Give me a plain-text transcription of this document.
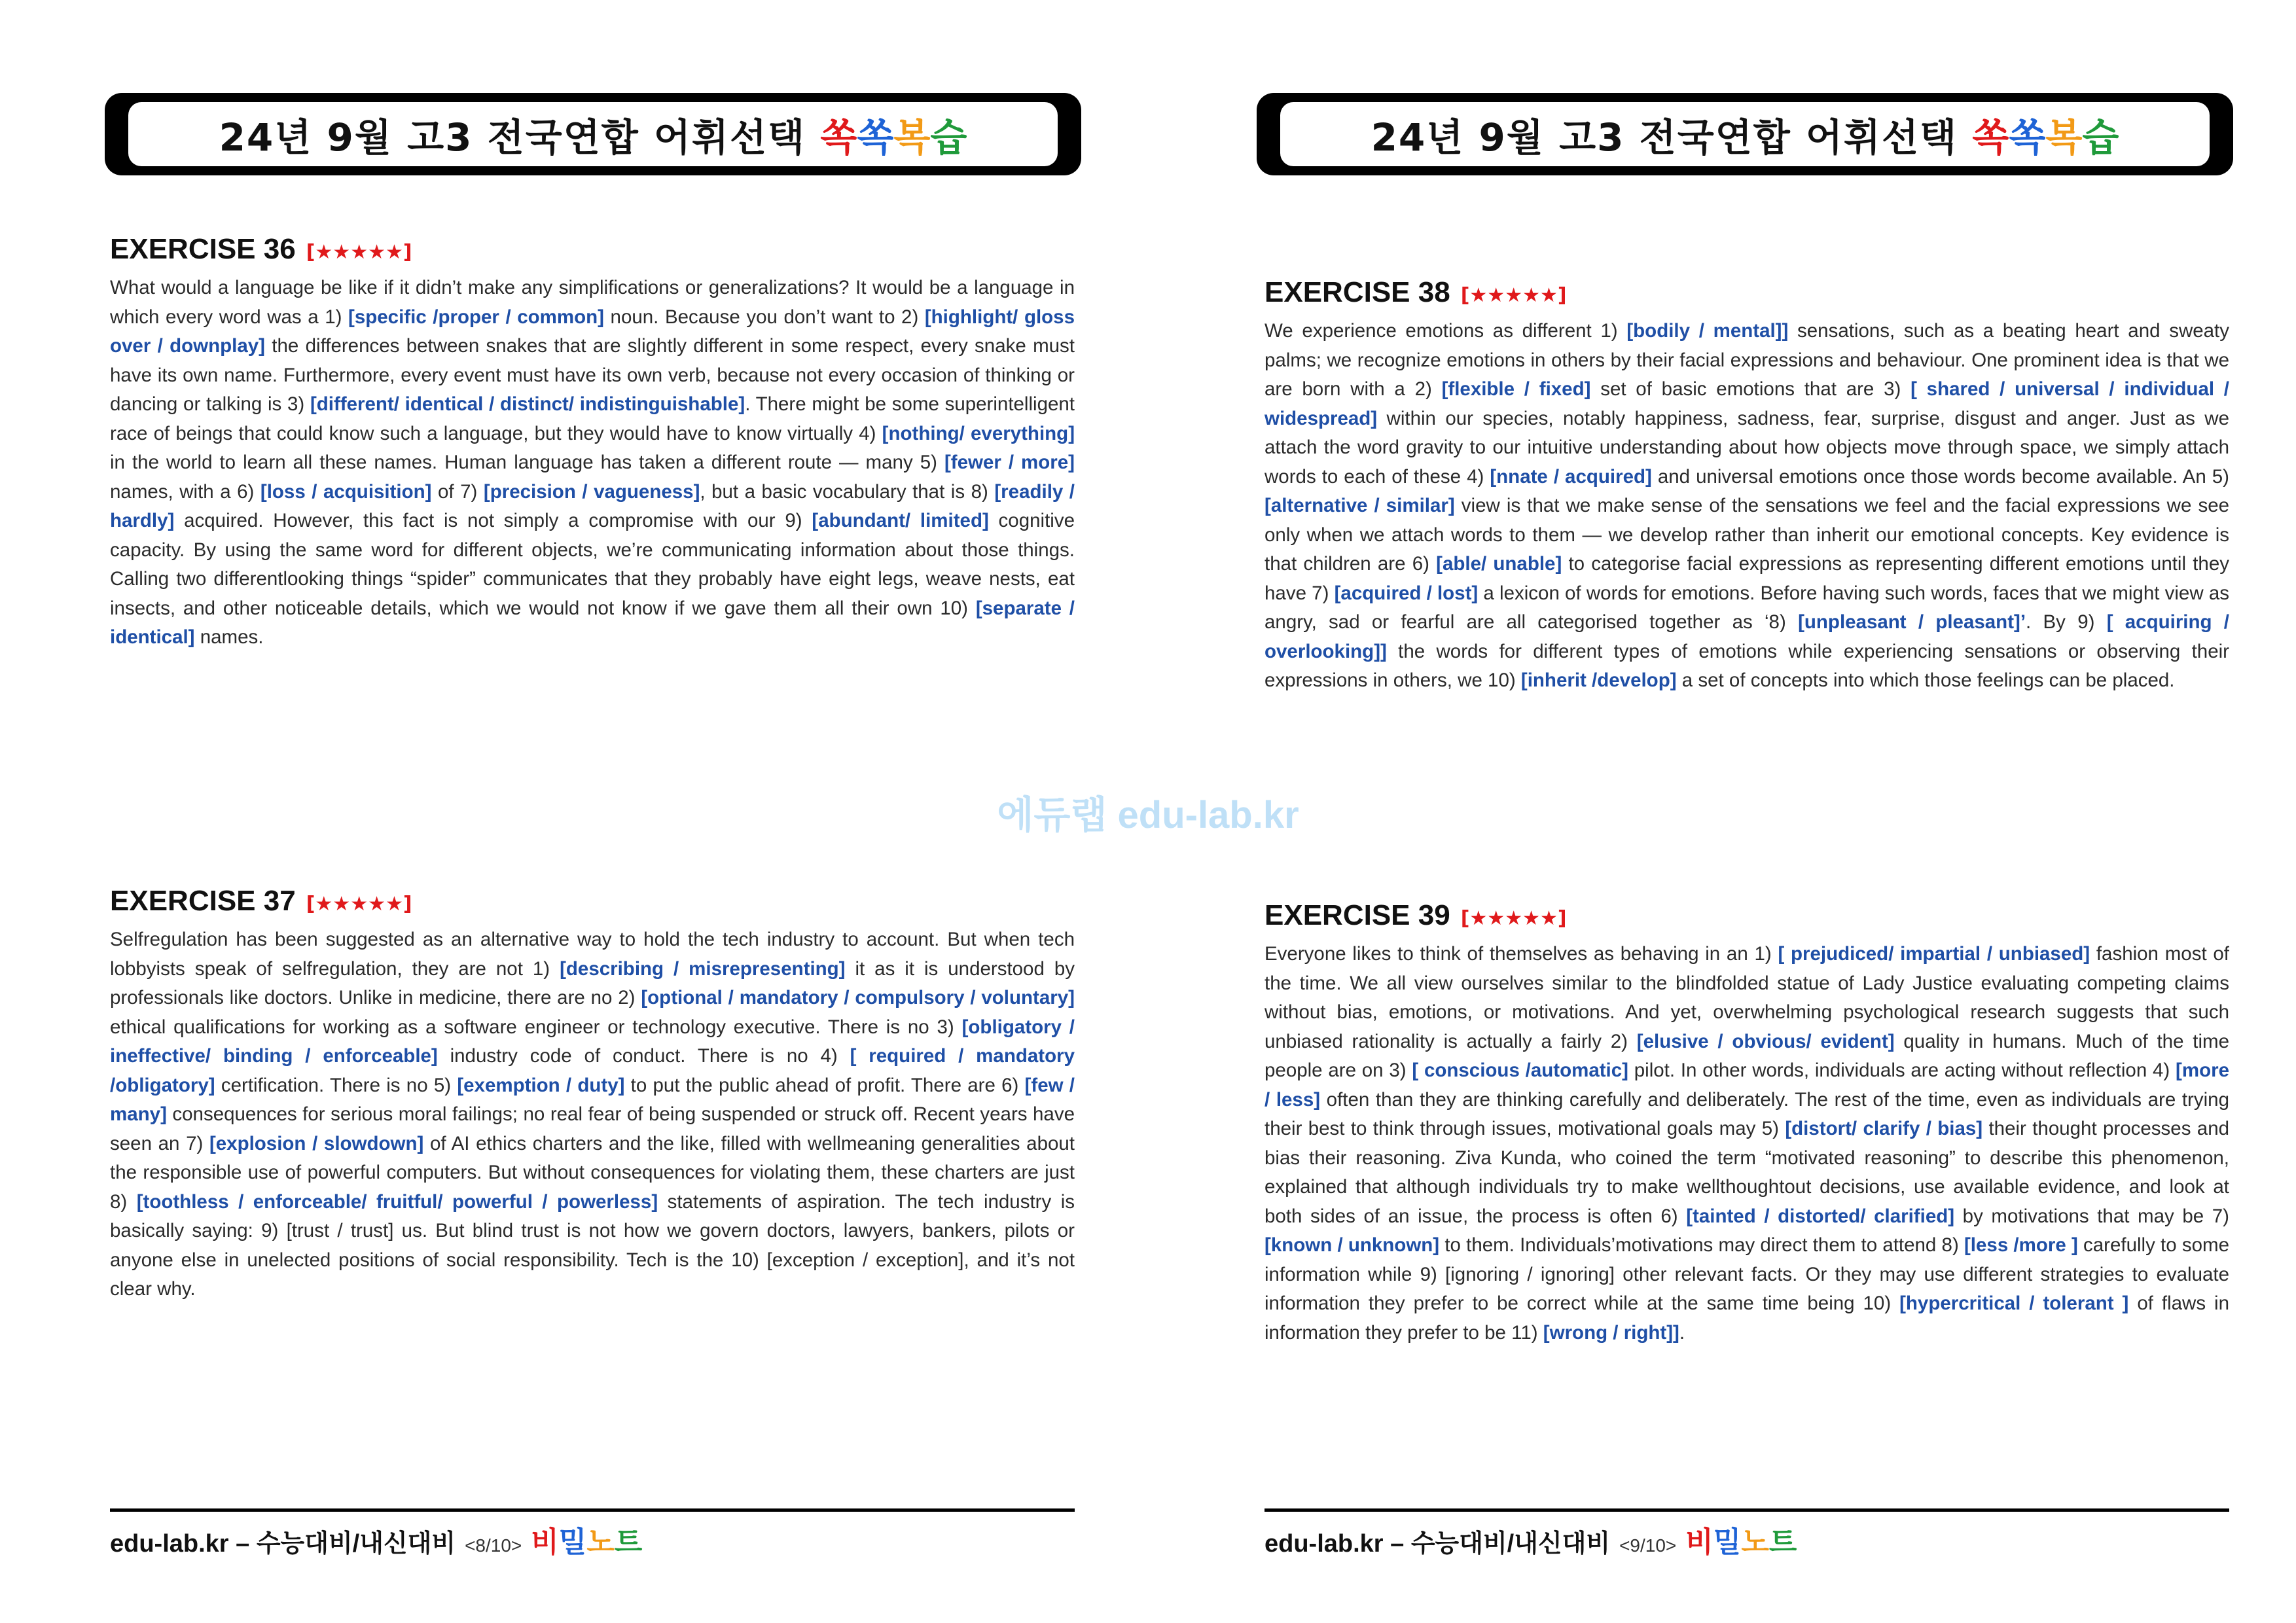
24년 9월 고3 전국연합 어휘선택 쏙쏙복습
EXERCISE 36 [★★★★★]
What would a language be like if it didn’t make any simplifications or generalizations? It would be a language in which every word was a 1) [specific /proper / common] noun. Because you don’t want to 2) [highlight/ gloss over / downplay] the differences between snakes that are slightly different in some respect, every snake must have its own name. Furthermore, every event must have its own verb, because not every occasion of thinking or dancing or talking is 3) [different/ identical / distinct/ indistinguishable]. There might be some superintelligent race of beings that could know such a language, but they would have to know virtually 4) [nothing/ everything] in the world to learn all these names. Human language has taken a different route — many 5) [fewer / more] names, with a 6) [loss / acquisition] of 7) [precision / vagueness], but a basic vocabulary that is 8) [readily / hardly] acquired. However, this fact is not simply a compromise with our 9) [abundant/ limited] cognitive capacity. By using the same word for different objects, we’re communicating information about those things. Calling two differentlooking things “spider” communicates that they probably have eight legs, weave nests, eat insects, and other noticeable details, which we would not know if we gave them all their own 10) [separate / identical] names.
EXERCISE 37 [★★★★★]
Selfregulation has been suggested as an alternative way to hold the tech industry to account. But when tech lobbyists speak of selfregulation, they are not 1) [describing / misrepresenting] it as it is understood by professionals like doctors. Unlike in medicine, there are no 2) [optional / mandatory / compulsory / voluntary] ethical qualifications for working as a software engineer or technology executive. There is no 3) [obligatory / ineffective/ binding / enforceable] industry code of conduct. There is no 4) [ required / mandatory /obligatory] certification. There is no 5) [exemption / duty] to put the public ahead of profit. There are 6) [few / many] consequences for serious moral failings; no real fear of being suspended or struck off. Recent years have seen an 7) [explosion / slowdown] of AI ethics charters and the like, filled with wellmeaning generalities about the responsible use of powerful computers. But without consequences for violating them, these charters are just 8) [toothless / enforceable/ fruitful/ powerful / powerless] statements of aspiration. The tech industry is basically saying: 9) [trust / trust] us. But blind trust is not how we govern doctors, lawyers, bankers, pilots or anyone else in unelected positions of social responsibility. Tech is the 10) [exception / exception], and it’s not clear why.
edu-lab.kr – 수능대비/내신대비 <8/10> 비밀노트
24년 9월 고3 전국연합 어휘선택 쏙쏙복습
EXERCISE 38 [★★★★★]
We experience emotions as different 1) [bodily / mental]] sensations, such as a beating heart and sweaty palms; we recognize emotions in others by their facial expressions and behaviour. One prominent idea is that we are born with a 2) [flexible / fixed] set of basic emotions that are 3) [ shared / universal / individual / widespread] within our species, notably happiness, sadness, fear, surprise, disgust and anger. Just as we attach the word gravity to our intuitive understanding about how objects move through space, we simply attach words to each of these 4) [nnate / acquired] and universal emotions once those words become available. An 5) [alternative / similar] view is that we make sense of the sensations we feel and the facial expressions we see only when we attach words to them — we develop rather than inherit our emotional concepts. Key evidence is that children are 6) [able/ unable] to categorise facial expressions as representing different emotions until they have 7) [acquired / lost] a lexicon of words for emotions. Before having such words, faces that we might view as angry, sad or fearful are all categorised together as ‘8) [unpleasant / pleasant]’. By 9) [ acquiring / overlooking]] the words for different types of emotions while experiencing sensations or observing their expressions in others, we 10) [inherit /develop] a set of concepts into which those feelings can be placed.
EXERCISE 39 [★★★★★]
Everyone likes to think of themselves as behaving in an 1) [ prejudiced/ impartial / unbiased] fashion most of the time. We all view ourselves similar to the blindfolded statue of Lady Justice evaluating competing claims without bias, emotions, or motivations. And yet, overwhelming psychological research suggests that such unbiased rationality is actually a fairly 2) [elusive / obvious/ evident] quality in humans. Much of the time people are on 3) [ conscious /automatic] pilot. In other words, individuals are acting without reflection 4) [more / less] often than they are thinking carefully and deliberately. The rest of the time, even as individuals are trying their best to think through issues, motivational goals may 5) [distort/ clarify / bias] their thought processes and bias their reasoning. Ziva Kunda, who coined the term “motivated reasoning” to describe this phenomenon, explained that although individuals try to make wellthoughtout decisions, use available evidence, and look at both sides of an issue, the process is often 6) [tainted / distorted/ clarified] by motivations that may be 7) [known / unknown] to them. Individuals’motivations may direct them to attend 8) [less /more ] carefully to some information while 9) [ignoring / ignoring] other relevant facts. Or they may use different strategies to evaluate information they prefer to be correct while at the same time being 10) [hypercritical / tolerant ] of flaws in information they prefer to be 11) [wrong / right]].
edu-lab.kr – 수능대비/내신대비 <9/10> 비밀노트
에듀랩 edu-lab.kr
